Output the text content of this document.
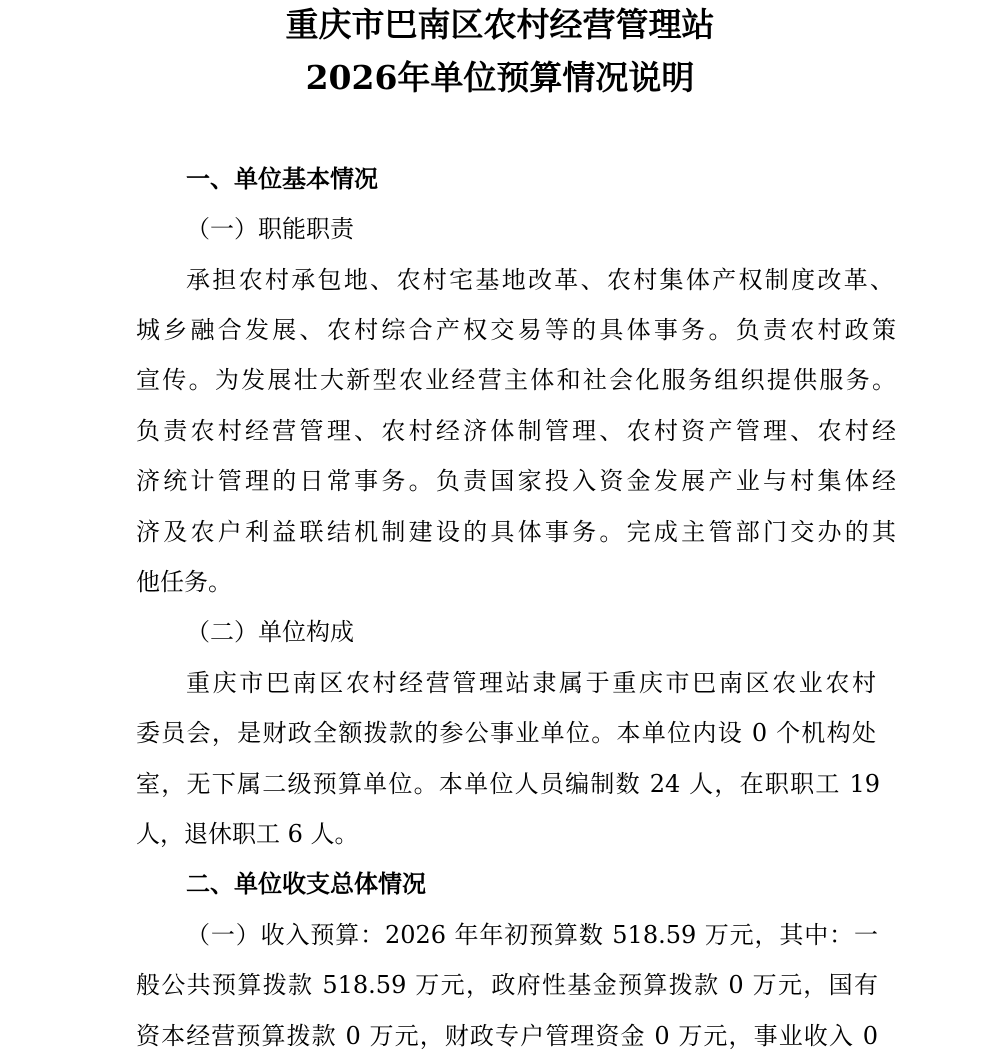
重庆市巴南区农村经营管理站
2026年单位预算情况说明
一、单位基本情况
（一）职能职责
承担农村承包地、农村宅基地改革、农村集体产权制度改革、
城乡融合发展、农村综合产权交易等的具体事务。负责农村政策
宣传。为发展壮大新型农业经营主体和社会化服务组织提供服务。
负责农村经营管理、农村经济体制管理、农村资产管理、农村经
济统计管理的日常事务。负责国家投入资金发展产业与村集体经
济及农户利益联结机制建设的具体事务。完成主管部门交办的其
他任务。
（二）单位构成
重庆市巴南区农村经营管理站隶属于重庆市巴南区农业农村
委员会，是财政全额拨款的参公事业单位。本单位内设 0 个机构处
室，无下属二级预算单位。本单位人员编制数 24 人，在职职工 19
人，退休职工 6 人。
二、单位收支总体情况
（一）收入预算：2026 年年初预算数 518.59 万元，其中：一
般公共预算拨款 518.59 万元，政府性基金预算拨款 0 万元，国有
资本经营预算拨款 0 万元，财政专户管理资金 0 万元，事业收入 0
